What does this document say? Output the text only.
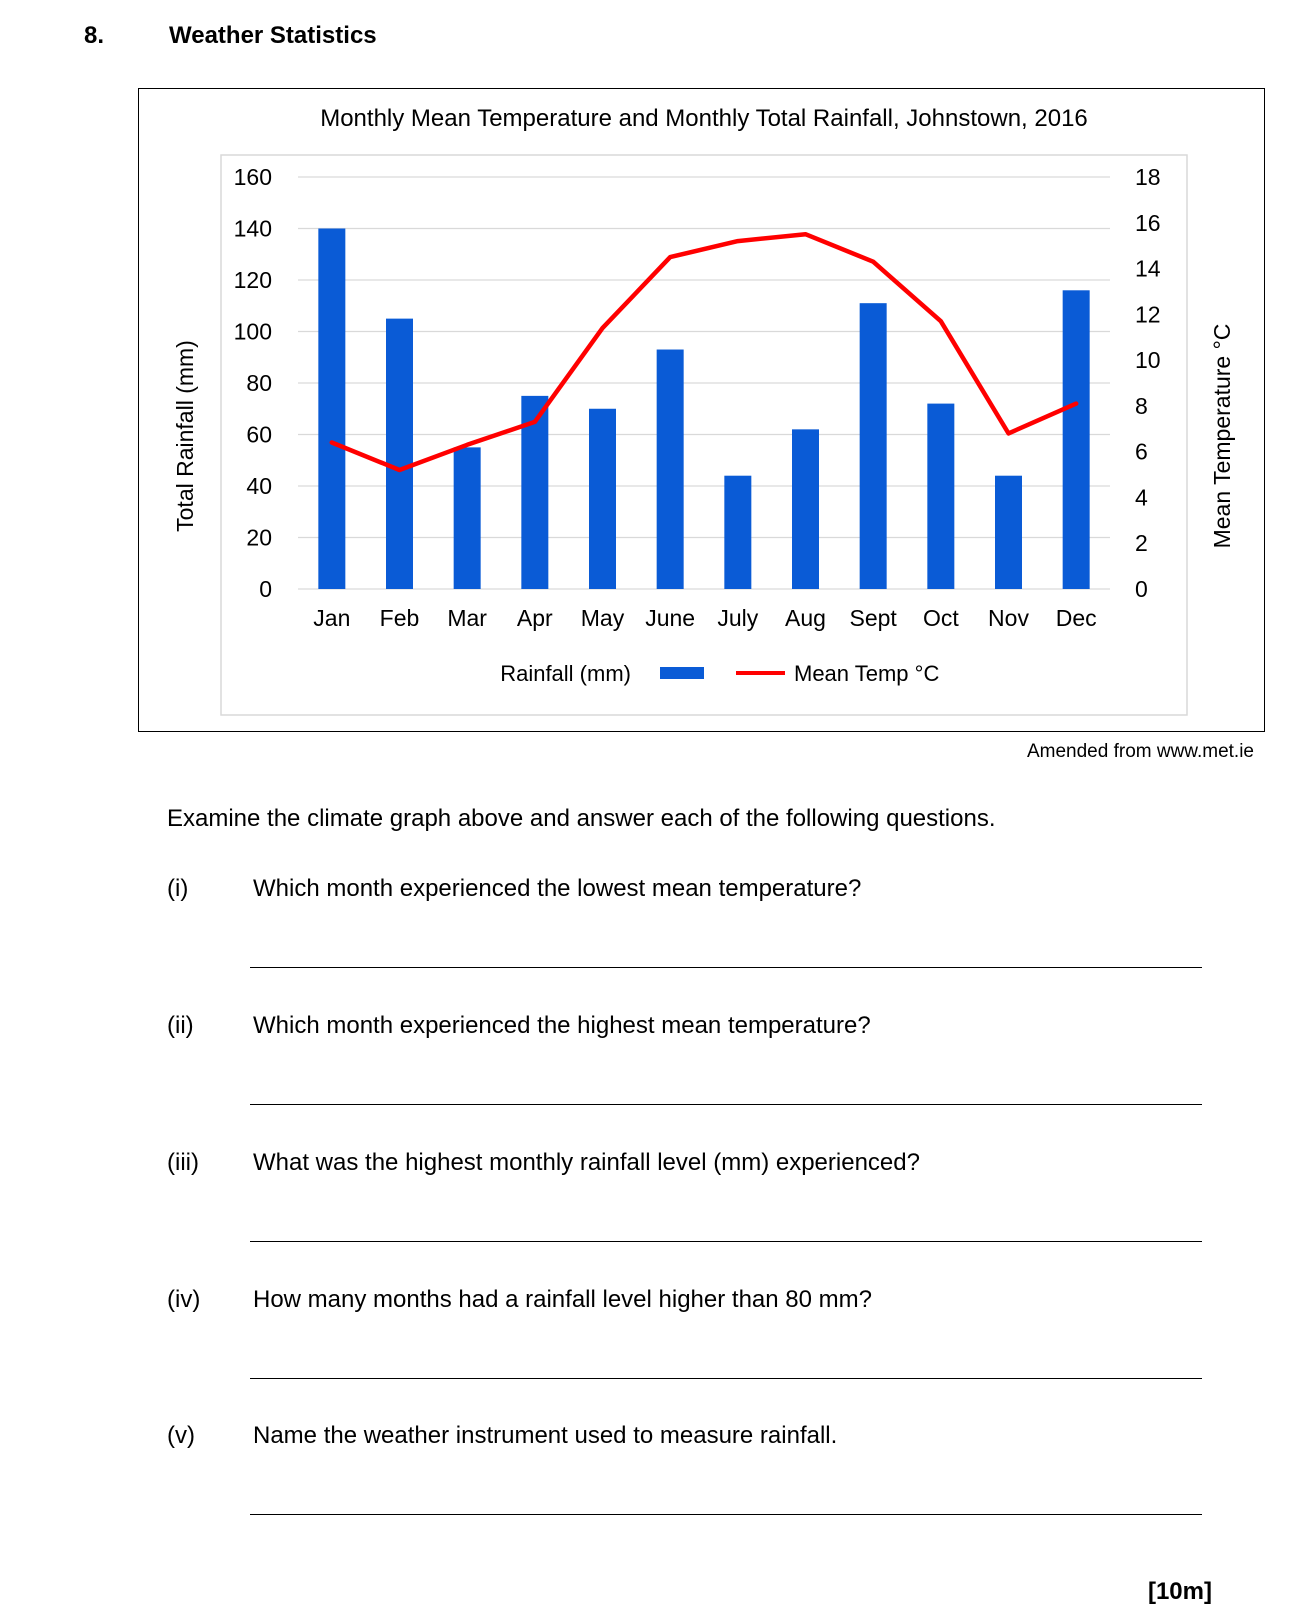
8.	Weather Statistics
Monthly Mean Temperature and Monthly Total Rainfall, Johnstown, 2016
0
20
40
60
80
100
120
140
160
0
2
4
6
8
10
12
14
16
18
Jan Feb Mar Apr May June July Aug Sept Oct Nov Dec
Total Rainfall (mm)	Mean Temperature °C
Rainfall (mm)	Mean Temp °C
Amended from www.met.ie
Examine the climate graph above and answer each of the following questions.
(i)	Which month experienced the lowest mean temperature?
(ii) Which month experienced the highest mean temperature?
(iii) What was the highest monthly rainfall level (mm) experienced?
(iv) How many months had a rainfall level higher than 80 mm?
(v) Name the weather instrument used to measure rainfall.
[10m]
